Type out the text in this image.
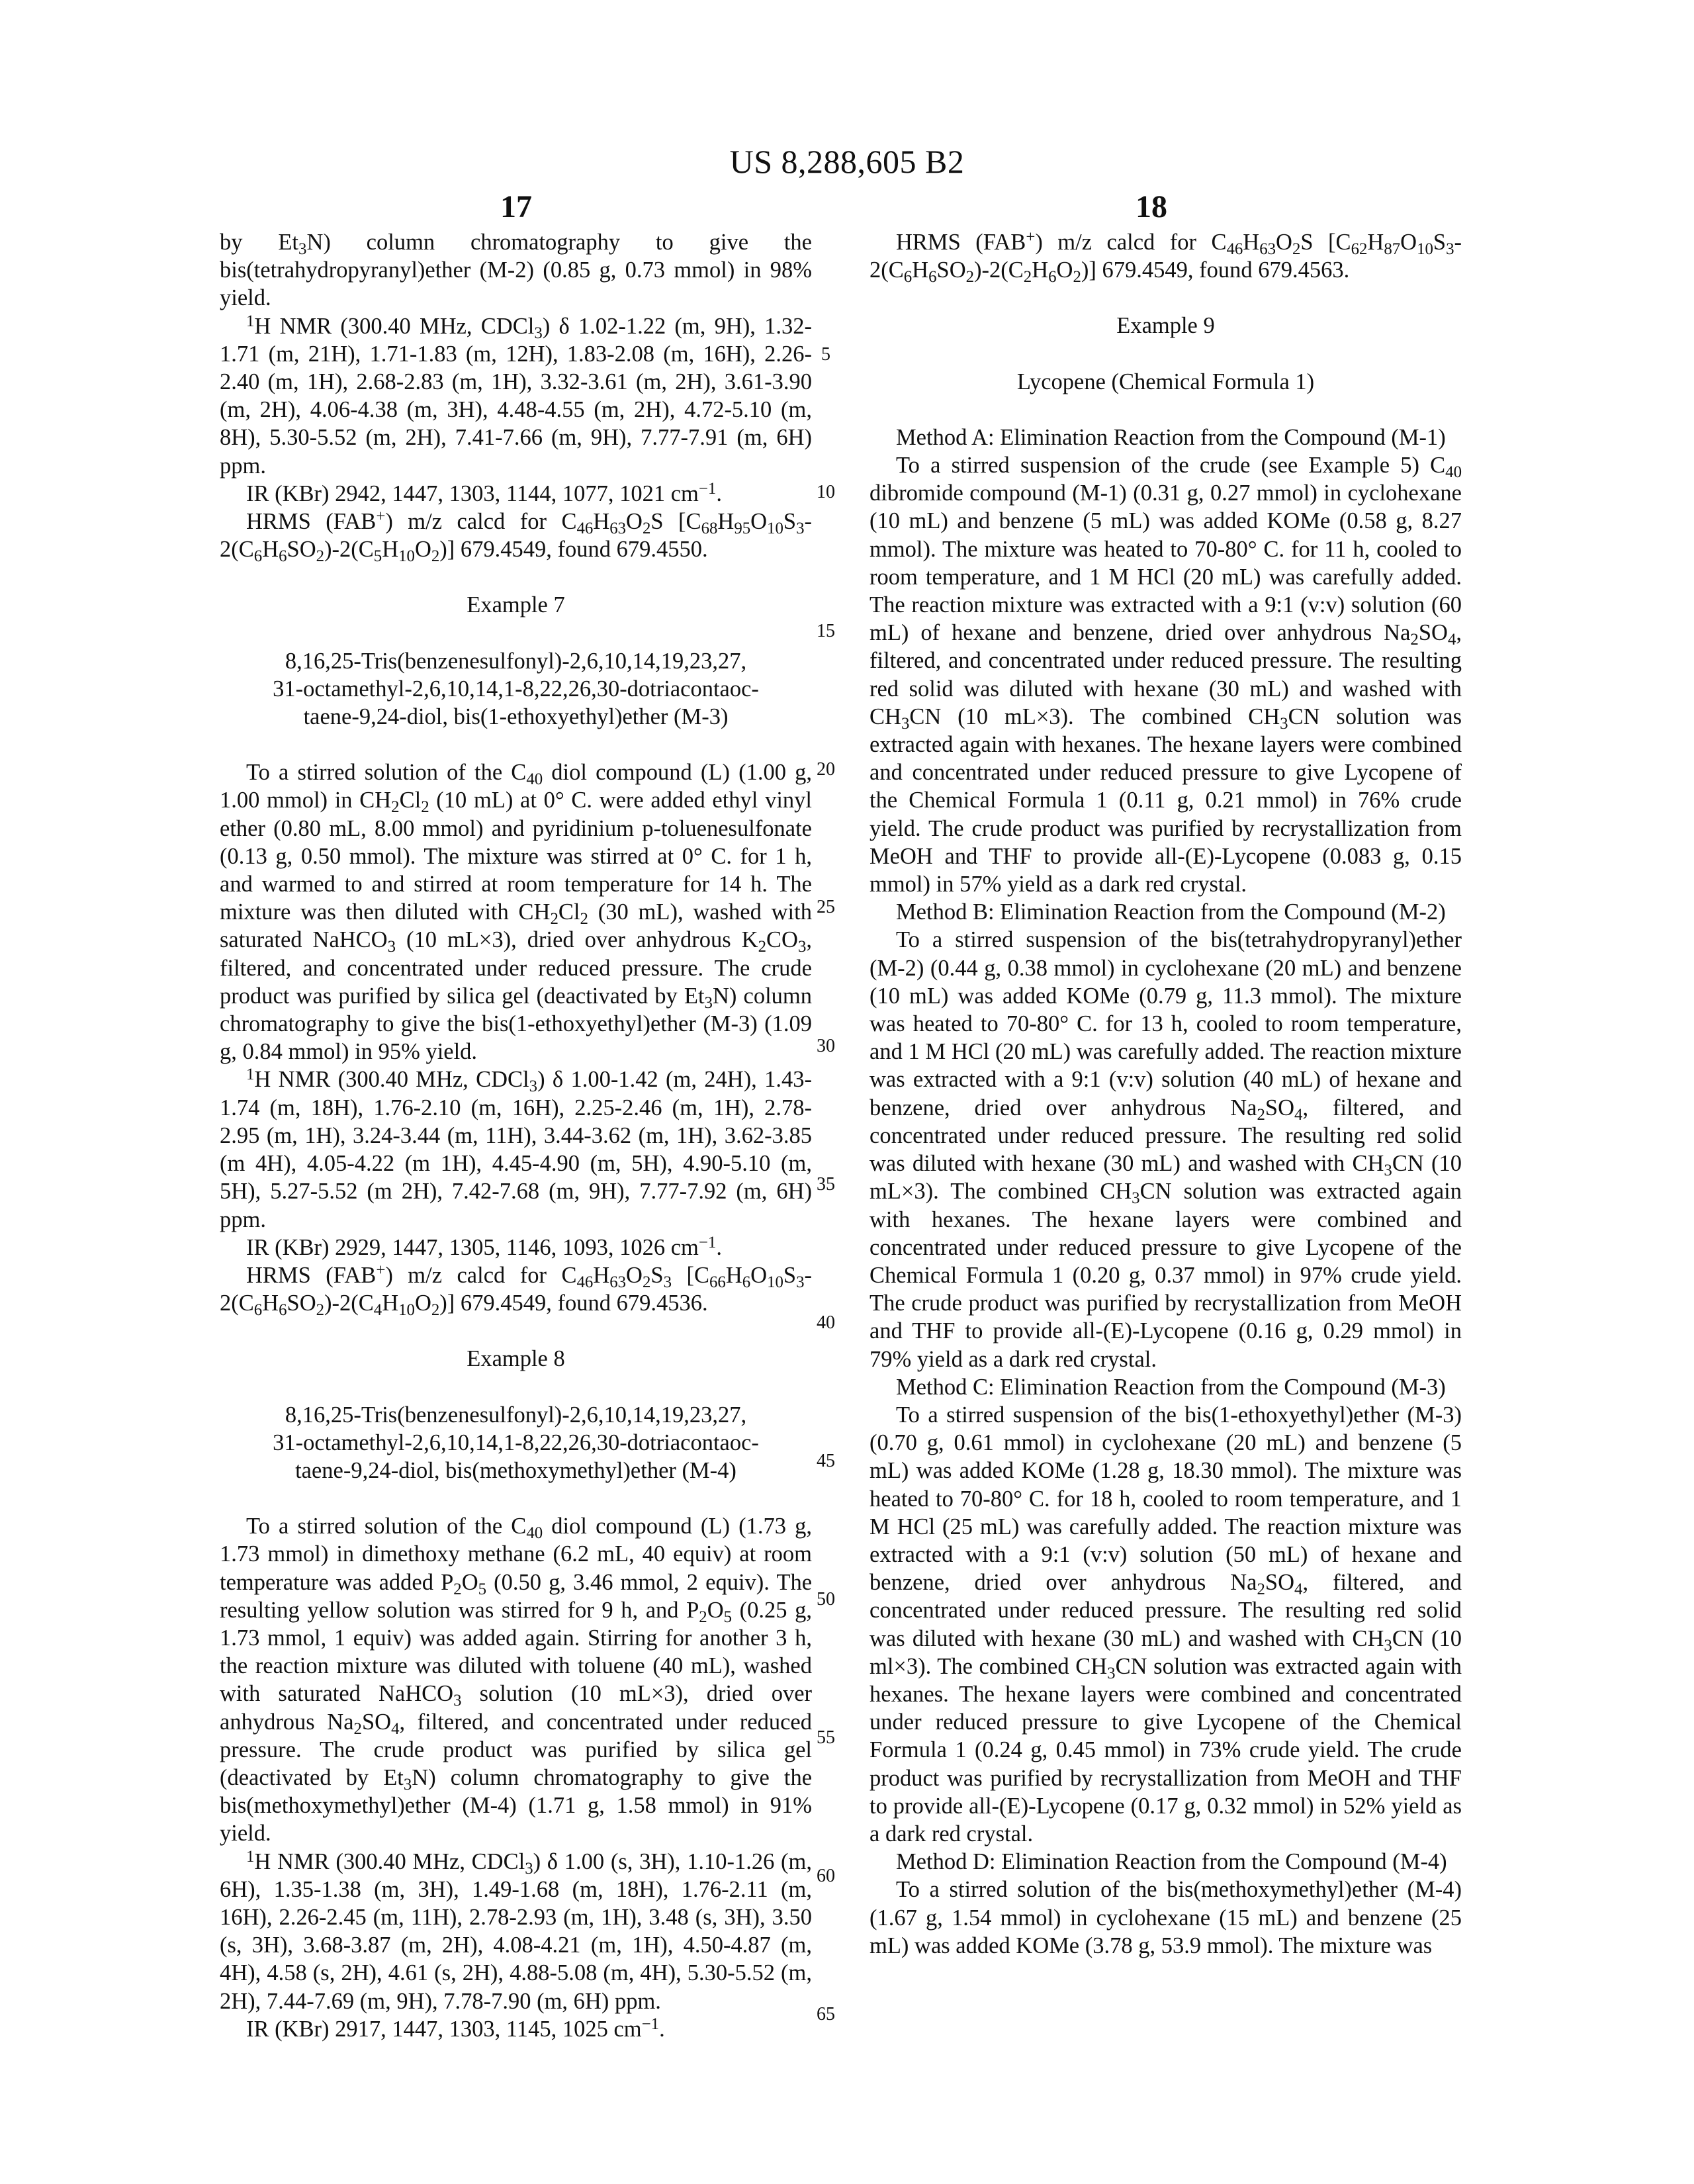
US 8,288,605 B2
17	18
5
10
15
20
25
30
35
40
45
50
55
60
65

by $Et_3N$) column chromatography to give the bis(tetrahydropyranyl)ether (M-2) (0.85 g, 0.73 mmol) in 98% yield.

$^1$H NMR (300.40 MHz, CDCl$_3$) δ 1.02-1.22 (m, 9H), 1.32-1.71 (m, 21H), 1.71-1.83 (m, 12H), 1.83-2.08 (m, 16H), 2.26-2.40 (m, 1H), 2.68-2.83 (m, 1H), 3.32-3.61 (m, 2H), 3.61-3.90 (m, 2H), 4.06-4.38 (m, 3H), 4.48-4.55 (m, 2H), 4.72-5.10 (m, 8H), 5.30-5.52 (m, 2H), 7.41-7.66 (m, 9H), 7.77-7.91 (m, 6H) ppm.

IR (KBr) 2942, 1447, 1303, 1144, 1077, 1021 $cm^{-1}$.

HRMS (FAB+) m/z calcd for $C_{46}H_{63}O_2S$ $[C_{68}H_{95}O_{10}S_3-2(C_6H_6SO_2)-2(C_5H_{10}O_2)]$ 679.4549, found 679.4550.

Example 7
8,16,25-Tris(benzenesulfonyl)-2,6,10,14,19,23,27,
31-octamethyl-2,6,10,14,1-8,22,26,30-dotriacontaoc-
taene-9,24-diol, bis(1-ethoxyethyl)ether (M-3)

To a stirred solution of the $C_{40}$ diol compound (L) (1.00 g, 1.00 mmol) in $CH_2Cl_2$ (10 mL) at 0° C. were added ethyl vinyl ether (0.80 mL, 8.00 mmol) and pyridinium p-toluenesulfonate (0.13 g, 0.50 mmol). The mixture was stirred at 0° C. for 1 h, and warmed to and stirred at room temperature for 14 h. The mixture was then diluted with $CH_2Cl_2$ (30 mL), washed with saturated NaHCO$_3$ (10 mL×3), dried over anhydrous $K_2CO_3$, filtered, and concentrated under reduced pressure. The crude product was purified by silica gel (deactivated by $Et_3N$) column chromatography to give the bis(1-ethoxyethyl)ether (M-3) (1.09 g, 0.84 mmol) in 95% yield.

$^1$H NMR (300.40 MHz, CDCl$_3$) δ 1.00-1.42 (m, 24H), 1.43-1.74 (m, 18H), 1.76-2.10 (m, 16H), 2.25-2.46 (m, 1H), 2.78-2.95 (m, 1H), 3.24-3.44 (m, 11H), 3.44-3.62 (m, 1H), 3.62-3.85 (m 4H), 4.05-4.22 (m 1H), 4.45-4.90 (m, 5H), 4.90-5.10 (m, 5H), 5.27-5.52 (m 2H), 7.42-7.68 (m, 9H), 7.77-7.92 (m, 6H) ppm.

IR (KBr) 2929, 1447, 1305, 1146, 1093, 1026 $cm^{-1}$.

HRMS (FAB+) m/z calcd for $C_{46}H_{63}O_2S_3$ $[C_{66}H_6O_{10}S_3-2(C_6H_6SO_2)-2(C_4H_{10}O_2)]$ 679.4549, found 679.4536.

Example 8
8,16,25-Tris(benzenesulfonyl)-2,6,10,14,19,23,27,
31-octamethyl-2,6,10,14,1-8,22,26,30-dotriacontaoc-
taene-9,24-diol, bis(methoxymethyl)ether (M-4)

To a stirred solution of the $C_{40}$ diol compound (L) (1.73 g, 1.73 mmol) in dimethoxy methane (6.2 mL, 40 equiv) at room temperature was added $P_2O_5$ (0.50 g, 3.46 mmol, 2 equiv). The resulting yellow solution was stirred for 9 h, and $P_2O_5$ (0.25 g, 1.73 mmol, 1 equiv) was added again. Stirring for another 3 h, the reaction mixture was diluted with toluene (40 mL), washed with saturated NaHCO$_3$ solution (10 mL×3), dried over anhydrous $Na_2SO_4$, filtered, and concentrated under reduced pressure. The crude product was purified by silica gel (deactivated by $Et_3N$) column chromatography to give the bis(methoxymethyl)ether (M-4) (1.71 g, 1.58 mmol) in 91% yield.

$^1$H NMR (300.40 MHz, CDCl$_3$) δ 1.00 (s, 3H), 1.10-1.26 (m, 6H), 1.35-1.38 (m, 3H), 1.49-1.68 (m, 18H), 1.76-2.11 (m, 16H), 2.26-2.45 (m, 11H), 2.78-2.93 (m, 1H), 3.48 (s, 3H), 3.50 (s, 3H), 3.68-3.87 (m, 2H), 4.08-4.21 (m, 1H), 4.50-4.87 (m, 4H), 4.58 (s, 2H), 4.61 (s, 2H), 4.88-5.08 (m, 4H), 5.30-5.52 (m, 2H), 7.44-7.69 (m, 9H), 7.78-7.90 (m, 6H) ppm.

IR (KBr) 2917, 1447, 1303, 1145, 1025 $cm^{-1}$.

HRMS (FAB+) m/z calcd for $C_{46}H_{63}O_2S$ $[C_{62}H_{87}O_{10}S_3-2(C_6H_6SO_2)-2(C_2H_6O_2)]$ 679.4549, found 679.4563.

Example 9
Lycopene (Chemical Formula 1)

Method A: Elimination Reaction from the Compound (M-1)

To a stirred suspension of the crude (see Example 5) $C_{40}$ dibromide compound (M-1) (0.31 g, 0.27 mmol) in cyclohexane (10 mL) and benzene (5 mL) was added KOMe (0.58 g, 8.27 mmol). The mixture was heated to 70-80° C. for 11 h, cooled to room temperature, and 1 M HCl (20 mL) was carefully added. The reaction mixture was extracted with a 9:1 (v:v) solution (60 mL) of hexane and benzene, dried over anhydrous $Na_2SO_4$, filtered, and concentrated under reduced pressure. The resulting red solid was diluted with hexane (30 mL) and washed with $CH_3CN$ (10 mL×3). The combined $CH_3CN$ solution was extracted again with hexanes. The hexane layers were combined and concentrated under reduced pressure to give Lycopene of the Chemical Formula 1 (0.11 g, 0.21 mmol) in 76% crude yield. The crude product was purified by recrystallization from MeOH and THF to provide all-(E)-Lycopene (0.083 g, 0.15 mmol) in 57% yield as a dark red crystal.

Method B: Elimination Reaction from the Compound (M-2)

To a stirred suspension of the bis(tetrahydropyranyl)ether (M-2) (0.44 g, 0.38 mmol) in cyclohexane (20 mL) and benzene (10 mL) was added KOMe (0.79 g, 11.3 mmol). The mixture was heated to 70-80° C. for 13 h, cooled to room temperature, and 1 M HCl (20 mL) was carefully added. The reaction mixture was extracted with a 9:1 (v:v) solution (40 mL) of hexane and benzene, dried over anhydrous $Na_2SO_4$, filtered, and concentrated under reduced pressure. The resulting red solid was diluted with hexane (30 mL) and washed with $CH_3CN$ (10 mL×3). The combined $CH_3CN$ solution was extracted again with hexanes. The hexane layers were combined and concentrated under reduced pressure to give Lycopene of the Chemical Formula 1 (0.20 g, 0.37 mmol) in 97% crude yield. The crude product was purified by recrystallization from MeOH and THF to provide all-(E)-Lycopene (0.16 g, 0.29 mmol) in 79% yield as a dark red crystal.

Method C: Elimination Reaction from the Compound (M-3)

To a stirred suspension of the bis(1-ethoxyethyl)ether (M-3) (0.70 g, 0.61 mmol) in cyclohexane (20 mL) and benzene (5 mL) was added KOMe (1.28 g, 18.30 mmol). The mixture was heated to 70-80° C. for 18 h, cooled to room temperature, and 1 M HCl (25 mL) was carefully added. The reaction mixture was extracted with a 9:1 (v:v) solution (50 mL) of hexane and benzene, dried over anhydrous $Na_2SO_4$, filtered, and concentrated under reduced pressure. The resulting red solid was diluted with hexane (30 mL) and washed with $CH_3CN$ (10 ml×3). The combined $CH_3CN$ solution was extracted again with hexanes. The hexane layers were combined and concentrated under reduced pressure to give Lycopene of the Chemical Formula 1 (0.24 g, 0.45 mmol) in 73% crude yield. The crude product was purified by recrystallization from MeOH and THF to provide all-(E)-Lycopene (0.17 g, 0.32 mmol) in 52% yield as a dark red crystal.

Method D: Elimination Reaction from the Compound (M-4)

To a stirred solution of the bis(methoxymethyl)ether (M-4) (1.67 g, 1.54 mmol) in cyclohexane (15 mL) and benzene (25 mL) was added KOMe (3.78 g, 53.9 mmol). The mixture was
